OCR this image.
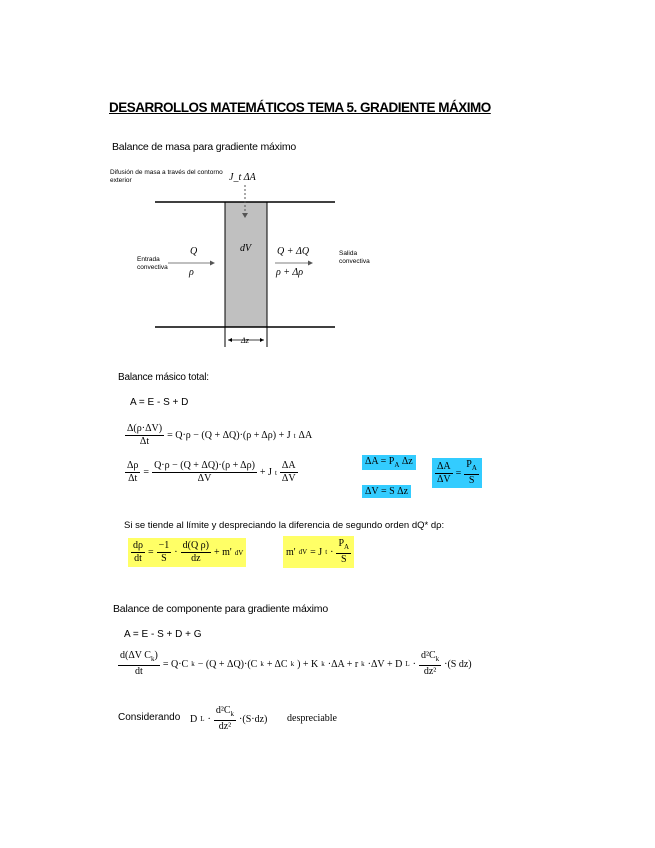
DESARROLLOS MATEMÁTICOS TEMA 5. GRADIENTE MÁXIMO
Balance de masa para gradiente máximo
Difusión de masa a través del contorno exterior	J_t ΔA
Entrada convectiva
Salida convectiva
Q
ρ
dV	Q + ΔQ
ρ + Δρ
Δz
Balance másico total:
A = E - S + D
$\frac{\Delta(\rho\cdot\Delta V)}{\Delta t} = Q\cdot\rho - (Q + \Delta Q)\cdot(\rho + \Delta\rho) + J$ t ΔA
$\frac{\Delta\rho}{\Delta t} = \frac{Q\cdot\rho - (Q + \Delta Q)\cdot(\rho + \Delta\rho)}{\Delta V} + J$ t $\frac{\Delta A}{\Delta V}$	$\Delta A = P_A$ Δz
ΔV = S Δz
$\frac{\Delta A}{\Delta V} = \frac{P_A}{S}$
Si se tiende al límite y despreciando la diferencia de segundo orden dQ* dρ:
$\frac{d\rho}{dt} = \frac{-1}{S} \cdot \frac{\text{d(Q ρ)}}{dz} + m'$ dV	m' dV = J $t \cdot \frac{P_A}{S}$
Balance de componente para gradiente máximo
A = E - S + D + G
$\frac{d(\Delta V C_k)}{dt} = Q\cdot C$ k − (Q + ΔQ)·(C k + ΔC k ) + K k ·ΔA + r k ·ΔV + D $L \cdot \frac{d^2C_k}{\text{dz²}} \cdot(S$ dz)
Considerando D $L \cdot \frac{d^2C_k}{\text{dz²}} \cdot(S\cdot dz)$ despreciable
